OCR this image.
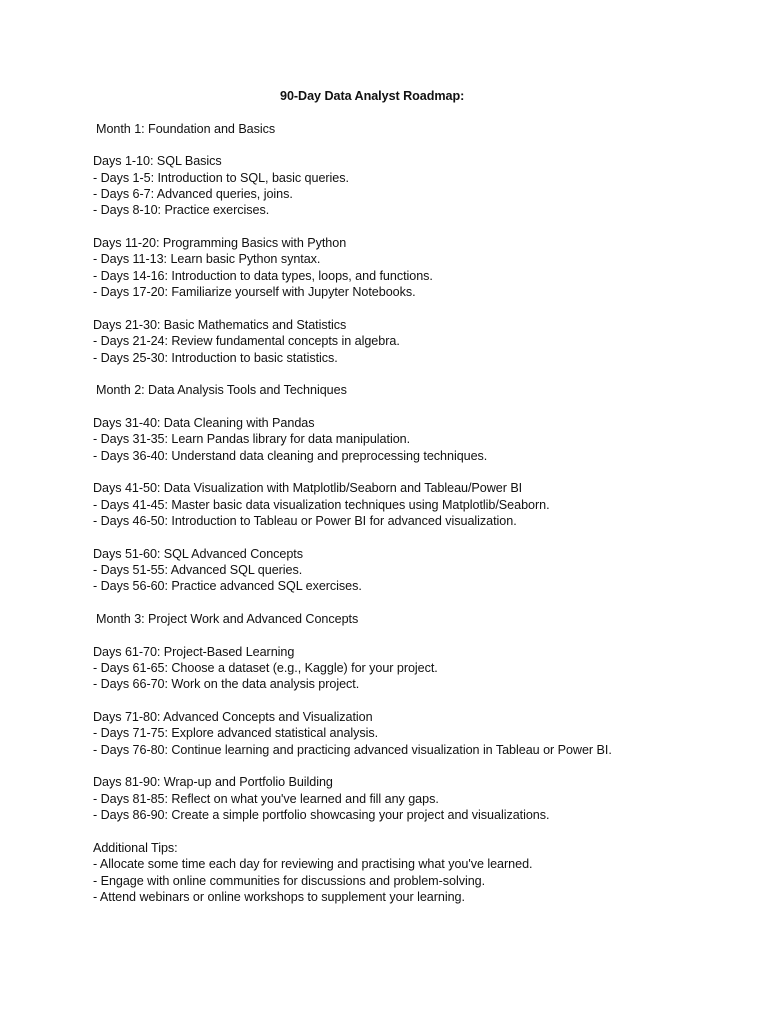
90-Day Data Analyst Roadmap:

Month 1: Foundation and Basics

Days 1-10: SQL Basics

- Days 1-5: Introduction to SQL, basic queries.

- Days 6-7: Advanced queries, joins.

- Days 8-10: Practice exercises.

Days 11-20: Programming Basics with Python

- Days 11-13: Learn basic Python syntax.

- Days 14-16: Introduction to data types, loops, and functions.

- Days 17-20: Familiarize yourself with Jupyter Notebooks.

Days 21-30: Basic Mathematics and Statistics

- Days 21-24: Review fundamental concepts in algebra.

- Days 25-30: Introduction to basic statistics.

Month 2: Data Analysis Tools and Techniques

Days 31-40: Data Cleaning with Pandas

- Days 31-35: Learn Pandas library for data manipulation.

- Days 36-40: Understand data cleaning and preprocessing techniques.

Days 41-50: Data Visualization with Matplotlib/Seaborn and Tableau/Power BI

- Days 41-45: Master basic data visualization techniques using Matplotlib/Seaborn.

- Days 46-50: Introduction to Tableau or Power BI for advanced visualization.

Days 51-60: SQL Advanced Concepts

- Days 51-55: Advanced SQL queries.

- Days 56-60: Practice advanced SQL exercises.

Month 3: Project Work and Advanced Concepts

Days 61-70: Project-Based Learning

- Days 61-65: Choose a dataset (e.g., Kaggle) for your project.

- Days 66-70: Work on the data analysis project.

Days 71-80: Advanced Concepts and Visualization

- Days 71-75: Explore advanced statistical analysis.

- Days 76-80: Continue learning and practicing advanced visualization in Tableau or Power BI.

Days 81-90: Wrap-up and Portfolio Building

- Days 81-85: Reflect on what you've learned and fill any gaps.

- Days 86-90: Create a simple portfolio showcasing your project and visualizations.

Additional Tips:

- Allocate some time each day for reviewing and practising what you've learned.

- Engage with online communities for discussions and problem-solving.

- Attend webinars or online workshops to supplement your learning.
